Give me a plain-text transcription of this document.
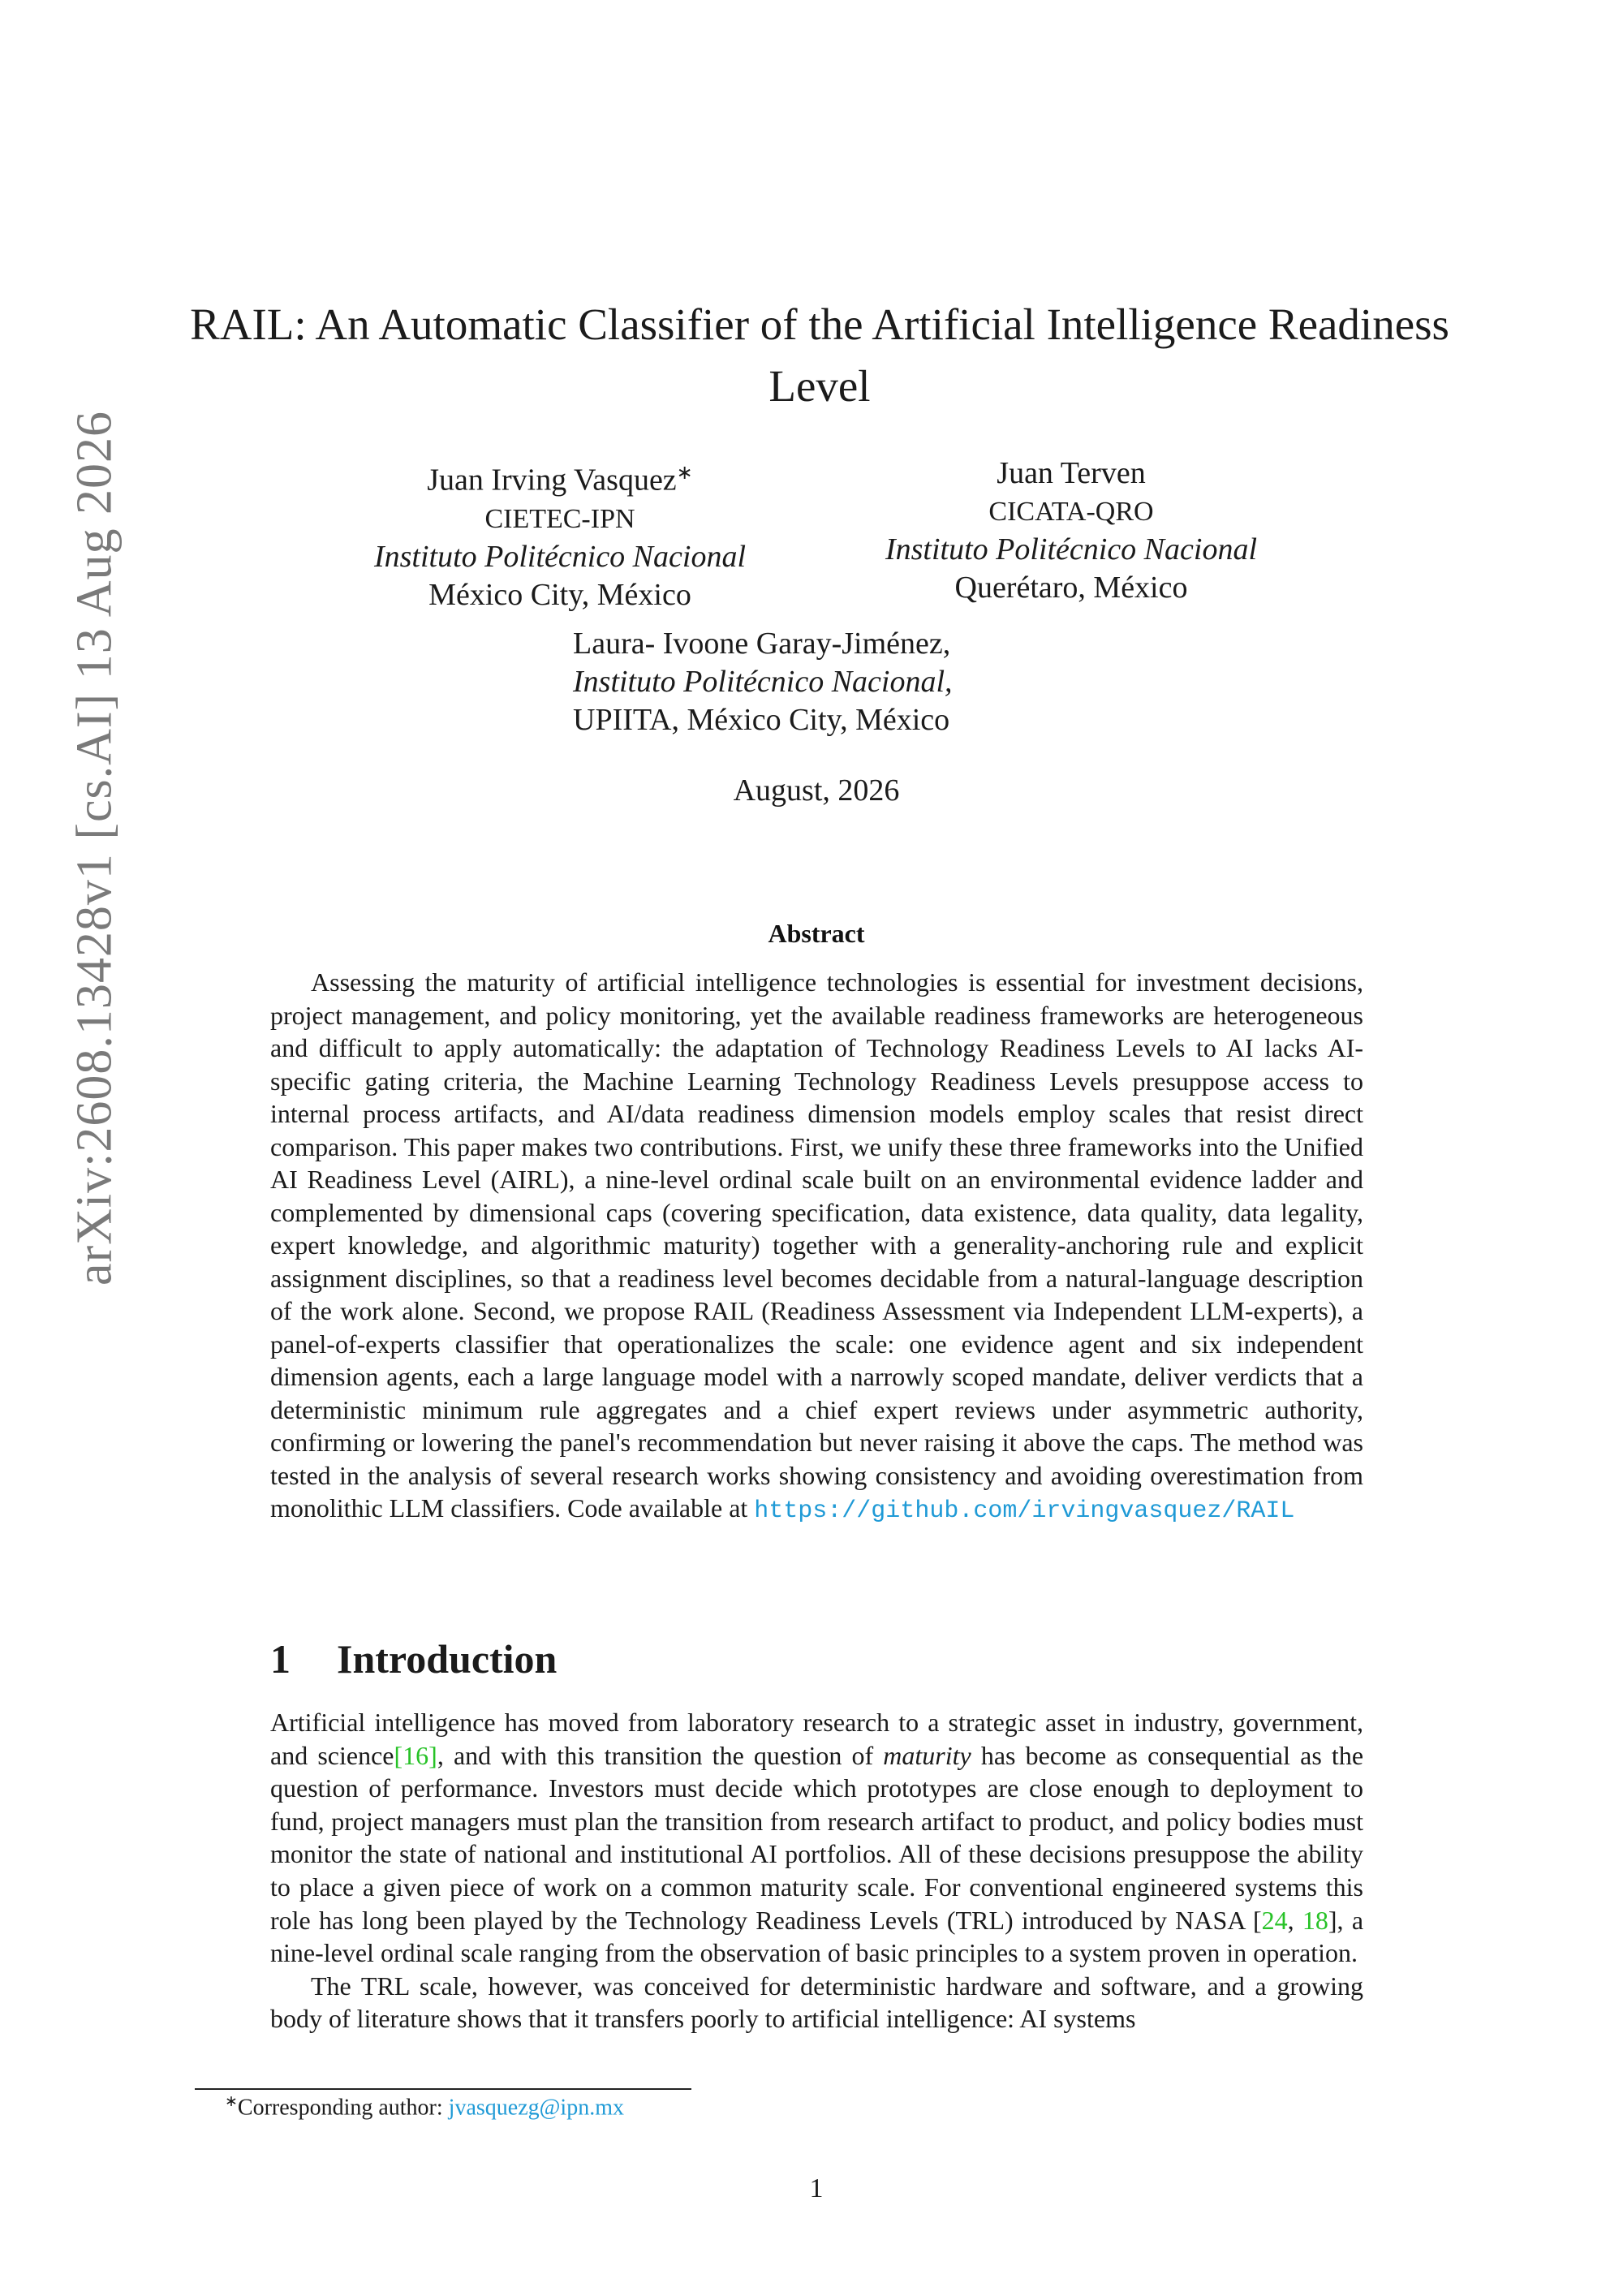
arXiv:2608.13428v1 [cs.AI] 13 Aug 2026
RAIL: An Automatic Classifier of the Artificial Intelligence Readiness Level
Juan Irving Vasquez∗
CIETEC-IPN
Instituto Politécnico Nacional
México City, México
Juan Terven
CICATA-QRO
Instituto Politécnico Nacional
Querétaro, México
Laura- Ivoone Garay-Jiménez,
Instituto Politécnico Nacional,
UPIITA, México City, México
August, 2026
Abstract

Assessing the maturity of artificial intelligence technologies is essential for investment decisions, project management, and policy monitoring, yet the available readiness frameworks are heterogeneous and difficult to apply automatically: the adaptation of Technology Readiness Levels to AI lacks AI-specific gating criteria, the Machine Learning Technology Readiness Levels presuppose access to internal process artifacts, and AI/data readiness dimension models employ scales that resist direct comparison. This paper makes two contributions. First, we unify these three frameworks into the Unified AI Readiness Level (AIRL), a nine-level ordinal scale built on an environmental evidence ladder and complemented by dimensional caps (covering specification, data existence, data quality, data legality, expert knowledge, and algorithmic maturity) together with a generality-anchoring rule and explicit assignment disciplines, so that a readiness level becomes decidable from a natural-language description of the work alone. Second, we propose RAIL (Readiness Assessment via Independent LLM-experts), a panel-of-experts classifier that operationalizes the scale: one evidence agent and six independent dimension agents, each a large language model with a narrowly scoped mandate, deliver verdicts that a deterministic minimum rule aggregates and a chief expert reviews under asymmetric authority, confirming or lowering the panel's recommendation but never raising it above the caps. The method was tested in the analysis of several research works showing consistency and avoiding overestimation from monolithic LLM classifiers. Code available at https://github.com/irvingvasquez/RAIL

1 Introduction

Artificial intelligence has moved from laboratory research to a strategic asset in industry, government, and science[16], and with this transition the question of maturity has become as consequential as the question of performance. Investors must decide which prototypes are close enough to deployment to fund, project managers must plan the transition from research artifact to product, and policy bodies must monitor the state of national and institutional AI portfolios. All of these decisions presuppose the ability to place a given piece of work on a common maturity scale. For conventional engineered systems this role has long been played by the Technology Readiness Levels (TRL) introduced by NASA [24, 18], a nine-level ordinal scale ranging from the observation of basic principles to a system proven in operation.

The TRL scale, however, was conceived for deterministic hardware and software, and a growing body of literature shows that it transfers poorly to artificial intelligence: AI systems

∗Corresponding author: jvasquezg@ipn.mx
1
